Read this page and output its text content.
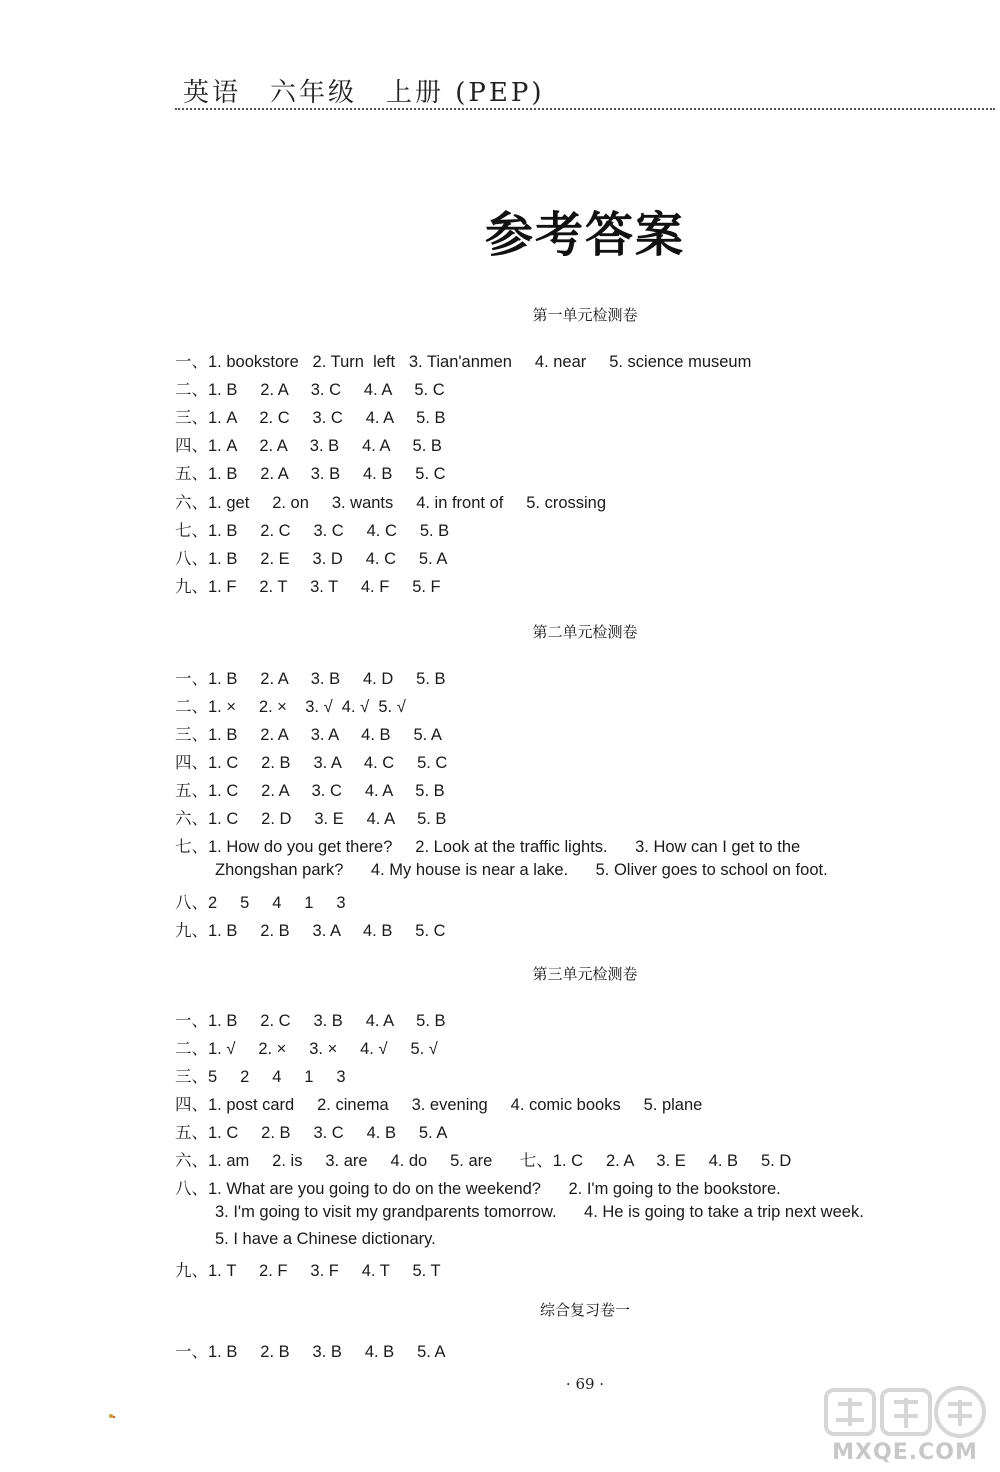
英语　六年级　上册 (PEP)
参考答案
第一单元检测卷
一、1. bookstore   2. Turn  left   3. Tian'anmen     4. near     5. science museum
二、1. B     2. A     3. C     4. A     5. C
三、1. A     2. C     3. C     4. A     5. B
四、1. A     2. A     3. B     4. A     5. B
五、1. B     2. A     3. B     4. B     5. C
六、1. get     2. on     3. wants     4. in front of     5. crossing
七、1. B     2. C     3. C     4. C     5. B
八、1. B     2. E     3. D     4. C     5. A
九、1. F     2. T     3. T     4. F     5. F
第二单元检测卷
一、1. B     2. A     3. B     4. D     5. B
二、1. ×     2. ×    3. √  4. √  5. √
三、1. B     2. A     3. A     4. B     5. A
四、1. C     2. B     3. A     4. C     5. C
五、1. C     2. A     3. C     4. A     5. B
六、1. C     2. D     3. E     4. A     5. B
七、1. How do you get there?     2. Look at the traffic lights.      3. How can I get to the
Zhongshan park?      4. My house is near a lake.      5. Oliver goes to school on foot.
八、2     5     4     1     3
九、1. B     2. B     3. A     4. B     5. C
第三单元检测卷
一、1. B     2. C     3. B     4. A     5. B
二、1. √     2. ×     3. ×     4. √     5. √
三、5     2     4     1     3
四、1. post card     2. cinema     3. evening     4. comic books     5. plane
五、1. C     2. B     3. C     4. B     5. A
六、1. am     2. is     3. are     4. do     5. are      七、1. C     2. A     3. E     4. B     5. D
八、1. What are you going to do on the weekend?      2. I'm going to the bookstore.
3. I'm going to visit my grandparents tomorrow.      4. He is going to take a trip next week.
5. I have a Chinese dictionary.
九、1. T     2. F     3. F     4. T     5. T
综合复习卷一
一、1. B     2. B     3. B     4. B     5. A
· 69 ·
MXQE.COM
